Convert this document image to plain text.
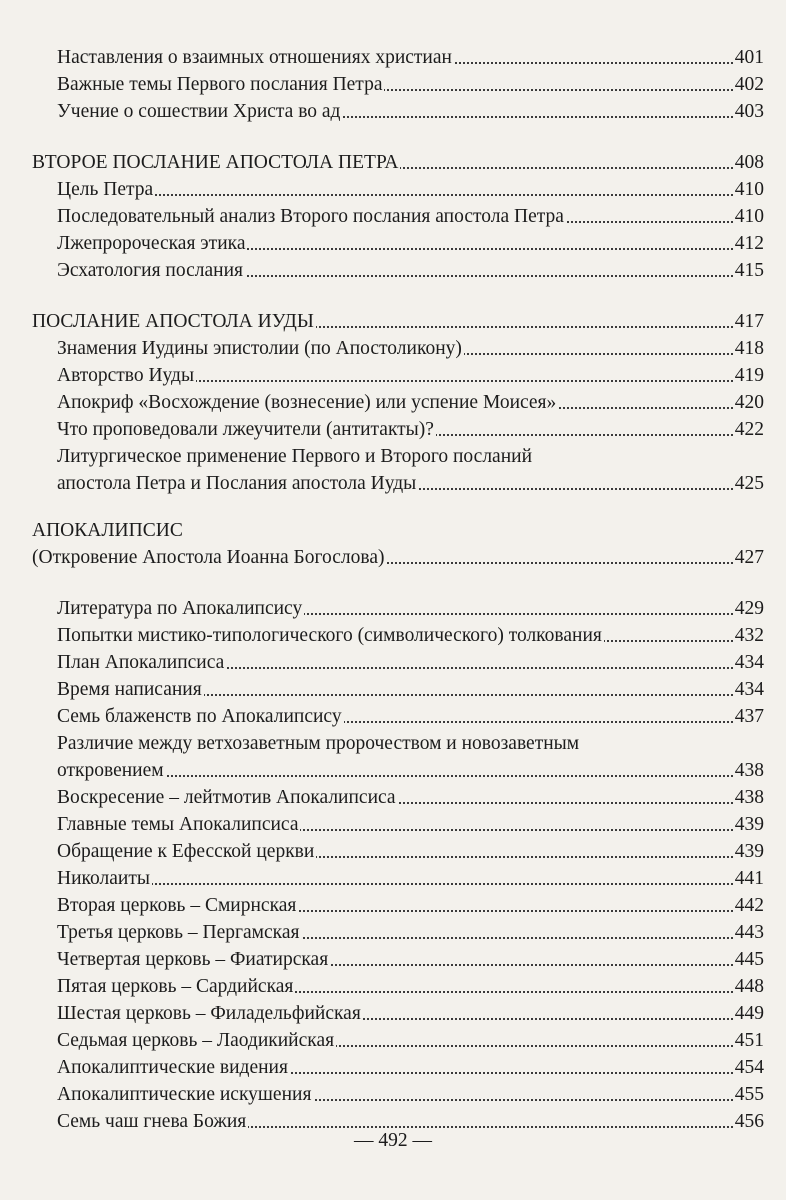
Наставления о взаимных отношениях христиан	401
Важные темы Первого послания Петра	402
Учение о сошествии Христа во ад	403
ВТОРОЕ ПОСЛАНИЕ АПОСТОЛА ПЕТРА	408
Цель Петра	410
Последовательный анализ Второго послания апостола Петра	410
Лжепророческая этика	412
Эсхатология послания	415
ПОСЛАНИЕ АПОСТОЛА ИУДЫ	417
Знамения Иудины эпистолии (по Апостоликону)	418
Авторство Иуды	419
Апокриф «Восхождение (вознесение) или успение Моисея»	420
Что проповедовали лжеучители (антитакты)?	422
Литургическое применение Первого и Второго посланий
апостола Петра и Послания апостола Иуды	425
АПОКАЛИПСИС
(Откровение Апостола Иоанна Богослова)	427
Литература по Апокалипсису	429
Попытки мистико-типологического (символического) толкования	432
План Апокалипсиса	434
Время написания	434
Семь блаженств по Апокалипсису	437
Различие между ветхозаветным пророчеством и новозаветным
откровением	438
Воскресение – лейтмотив Апокалипсиса	438
Главные темы Апокалипсиса	439
Обращение к Ефесской церкви	439
Николаиты	441
Вторая церковь – Смирнская	442
Третья церковь – Пергамская	443
Четвертая церковь – Фиатирская	445
Пятая церковь – Сардийская	448
Шестая церковь – Филадельфийская	449
Седьмая церковь – Лаодикийская	451
Апокалиптические видения	454
Апокалиптические искушения	455
Семь чаш гнева Божия	456
— 492 —
